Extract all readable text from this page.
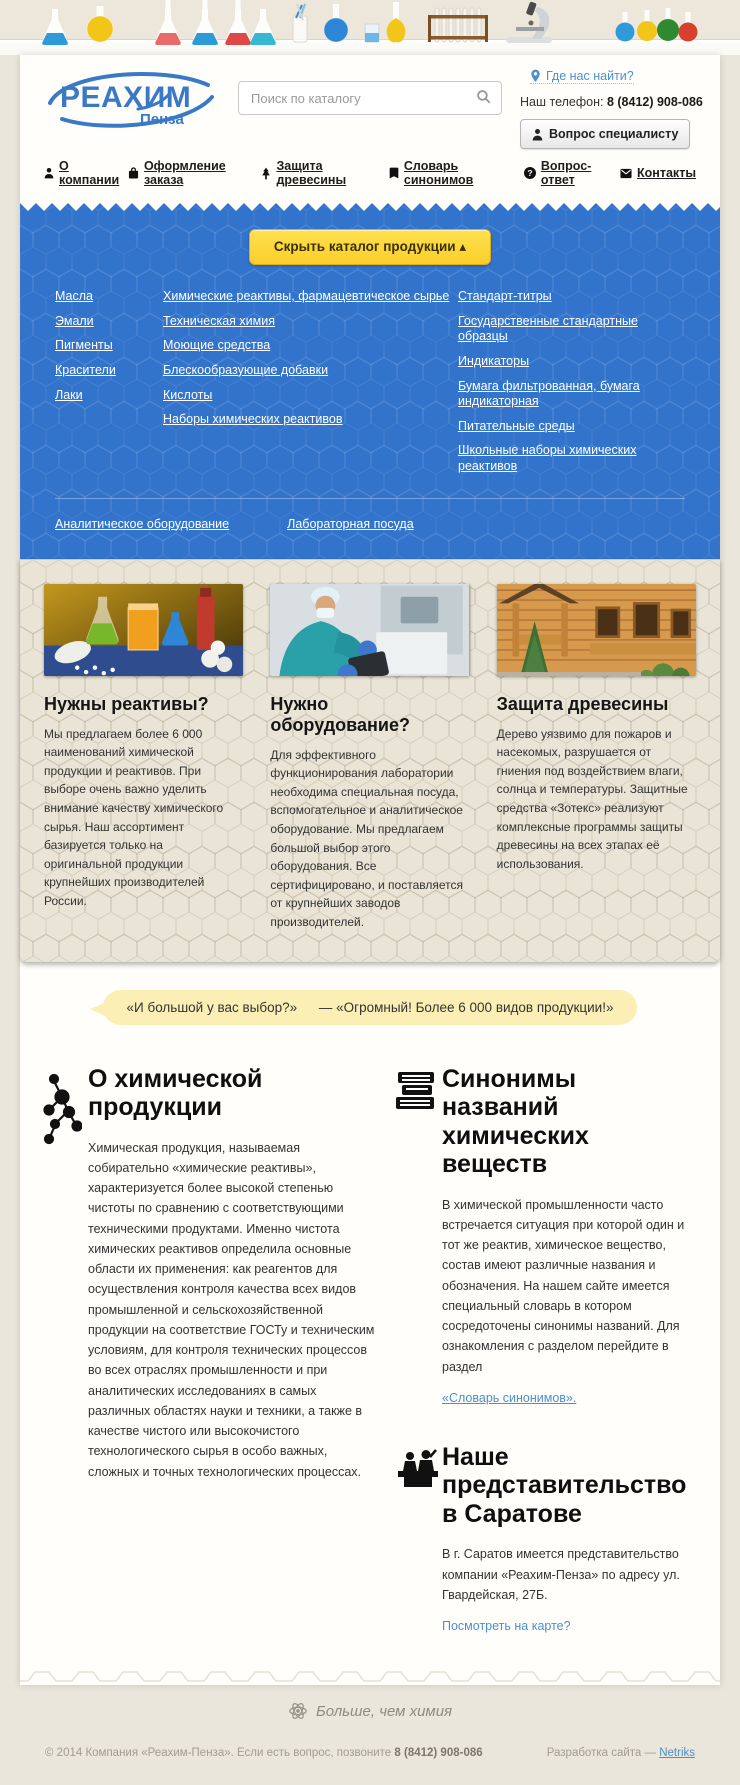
РЕАХИМ
Пенза
Поиск по каталогу
Где нас найти?
Наш телефон: 8 (8412) 908-086
Вопрос специалисту
О компании
Оформление заказа
Защита древесины
Словарь синонимов	? Вопрос-ответ	Контакты
Скрыть каталог продукции ▴
Масла
Эмали
Пигменты
Красители
Лаки
Химические реактивы, фармацевтическое сырье
Техническая химия
Моющие средства
Блескообразующие добавки
Кислоты
Наборы химических реактивов
Стандарт-титры
Государственные стандартные образцы
Индикаторы
Бумага фильтрованная, бумага индикаторная
Питательные среды
Школьные наборы химических реактивов
Аналитическое оборудование	Лабораторная посуда
Нужны реактивы?

Мы предлагаем более 6 000 наименований химической продукции и реактивов. При выборе очень важно уделить внимание качеству химического сырья. Наш ассортимент базируется только на оригинальной продукции крупнейших производителей России.

Нужно оборудование?

Для эффективного функционирования лаборатории необходима специальная посуда, вспомогательное и аналитическое оборудование. Мы предлагаем большой выбор этого оборудования. Все сертифицировано, и поставляется от крупнейших заводов производителей.

Защита древесины

Дерево уязвимо для пожаров и насекомых, разрушается от гниения под воздействием влаги, солнца и температуры. Защитные средства «Зотекс» реализуют комплексные программы защиты древесины на всех этапах её использования.

«И большой у вас выбор?» — «Огромный! Более 6 000 видов продукции!»
О химической продукции

Химическая продукция, называемая собирательно «химические реактивы», характеризуется более высокой степенью чистоты по сравнению с соответствующими техническими продуктами. Именно чистота химических реактивов определила основные области их применения: как реагентов для осуществления контроля качества всех видов промышленной и сельскохозяйственной продукции на соответствие ГОСТу и техническим условиям, для контроля технических процессов во всех отраслях промышленности и при аналитических исследованиях в самых различных областях науки и техники, а также в качестве чистого или высокочистого технологического сырья в особо важных, сложных и точных технологических процессах.

Синонимы названий химических веществ

В химической промышленности часто встречается ситуация при которой один и тот же реактив, химическое вещество, состав имеют различные названия и обозначения. На нашем сайте имеется специальный словарь в котором сосредоточены синонимы названий. Для ознакомления с разделом перейдите в раздел

«Словарь синонимов».
Наше представительство в Саратове

В г. Саратов имеется представительство компании «Реахим-Пенза» по адресу ул. Гвардейская, 27Б.

Посмотреть на карте?
Больше, чем химия
© 2014 Компания «Реахим-Пенза». Если есть вопрос, позвоните 8 (8412) 908-086	Разработка сайта — Netriks
